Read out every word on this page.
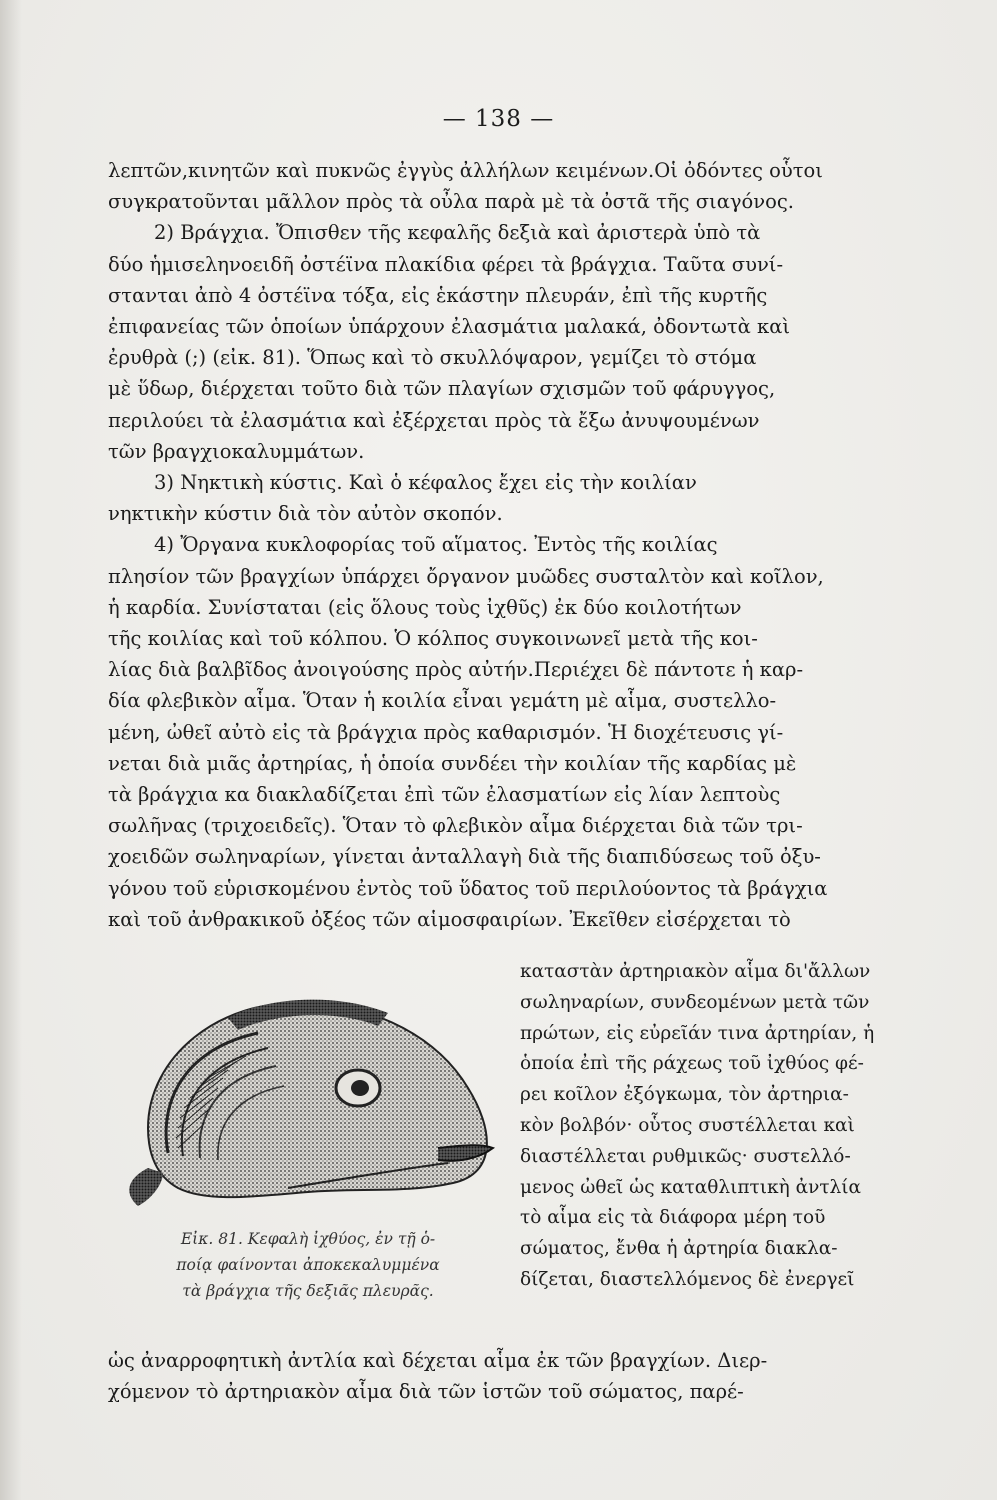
— 138 —
λεπτῶν,κινητῶν καὶ πυκνῶς ἐγγὺς ἀλλήλων κειμένων.Οἱ ὀδόντες οὗτοι
συγκρατοῦνται μᾶλλον πρὸς τὰ οὖλα παρὰ μὲ τὰ ὀστᾶ τῆς σιαγόνος.
2) Βράγχια. Ὄπισθεν τῆς κεφαλῆς δεξιὰ καὶ ἀριστερὰ ὑπὸ τὰ
δύο ἡμισεληνοειδῆ ὀστέϊνα πλακίδια φέρει τὰ βράγχια. Ταῦτα συνί-
στανται ἀπὸ 4 ὀστέϊνα τόξα, εἰς ἑκάστην πλευράν, ἐπὶ τῆς κυρτῆς
ἐπιφανείας τῶν ὁποίων ὑπάρχουν ἐλασμάτια μαλακά, ὀδοντωτὰ καὶ
ἐρυθρὰ (;) (εἰκ. 81). Ὅπως καὶ τὸ σκυλλόψαρον, γεμίζει τὸ στόμα
μὲ ὕδωρ, διέρχεται τοῦτο διὰ τῶν πλαγίων σχισμῶν τοῦ φάρυγγος,
περιλούει τὰ ἐλασμάτια καὶ ἐξέρχεται πρὸς τὰ ἔξω ἀνυψουμένων
τῶν βραγχιοκαλυμμάτων.
3) Νηκτικὴ κύστις. Καὶ ὁ κέφαλος ἔχει εἰς τὴν κοιλίαν
νηκτικὴν κύστιν διὰ τὸν αὐτὸν σκοπόν.
4) Ὄργανα κυκλοφορίας τοῦ αἵματος. Ἐντὸς τῆς κοιλίας
πλησίον τῶν βραγχίων ὑπάρχει ὄργανον μυῶδες συσταλτὸν καὶ κοῖλον,
ἡ καρδία. Συνίσταται (εἰς ὅλους τοὺς ἰχθῦς) ἐκ δύο κοιλοτήτων
τῆς κοιλίας καὶ τοῦ κόλπου. Ὁ κόλπος συγκοινωνεῖ μετὰ τῆς κοι-
λίας διὰ βαλβῖδος ἀνοιγούσης πρὸς αὐτήν.Περιέχει δὲ πάντοτε ἡ καρ-
δία φλεβικὸν αἷμα. Ὅταν ἡ κοιλία εἶναι γεμάτη μὲ αἷμα, συστελλο-
μένη, ὠθεῖ αὐτὸ εἰς τὰ βράγχια πρὸς καθαρισμόν. Ἡ διοχέτευσις γί-
νεται διὰ μιᾶς ἀρτηρίας, ἡ ὁποία συνδέει τὴν κοιλίαν τῆς καρδίας μὲ
τὰ βράγχια κα διακλαδίζεται ἐπὶ τῶν ἐλασματίων εἰς λίαν λεπτοὺς
σωλῆνας (τριχοειδεῖς). Ὅταν τὸ φλεβικὸν αἷμα διέρχεται διὰ τῶν τρι-
χοειδῶν σωληναρίων, γίνεται ἀνταλλαγὴ διὰ τῆς διαπιδύσεως τοῦ ὀξυ-
γόνου τοῦ εὑρισκομένου ἐντὸς τοῦ ὕδατος τοῦ περιλούοντος τὰ βράγχια
καὶ τοῦ ἀνθρακικοῦ ὀξέος τῶν αἱμοσφαιρίων. Ἐκεῖθεν εἰσέρχεται τὸ
Εἰκ. 81. Κεφαλὴ ἰχθύος, ἐν τῇ ὁ-
ποίᾳ φαίνονται ἀποκεκαλυμμένα
τὰ βράγχια τῆς δεξιᾶς πλευρᾶς.
καταστὰν ἀρτηριακὸν αἷμα δι'ἄλλων
σωληναρίων, συνδεομένων μετὰ τῶν
πρώτων, εἰς εὐρεῖάν τινα ἀρτηρίαν, ἡ
ὁποία ἐπὶ τῆς ράχεως τοῦ ἰχθύος φέ-
ρει κοῖλον ἐξόγκωμα, τὸν ἀρτηρια-
κὸν βολβόν· οὗτος συστέλλεται καὶ
διαστέλλεται ρυθμικῶς· συστελλό-
μενος ὠθεῖ ὡς καταθλιπτικὴ ἀντλία
τὸ αἷμα εἰς τὰ διάφορα μέρη τοῦ
σώματος, ἔνθα ἡ ἀρτηρία διακλα-
δίζεται, διαστελλόμενος δὲ ἐνεργεῖ
ὡς ἀναρροφητικὴ ἀντλία καὶ δέχεται αἷμα ἐκ τῶν βραγχίων. Διερ-
χόμενον τὸ ἀρτηριακὸν αἷμα διὰ τῶν ἱστῶν τοῦ σώματος, παρέ-
